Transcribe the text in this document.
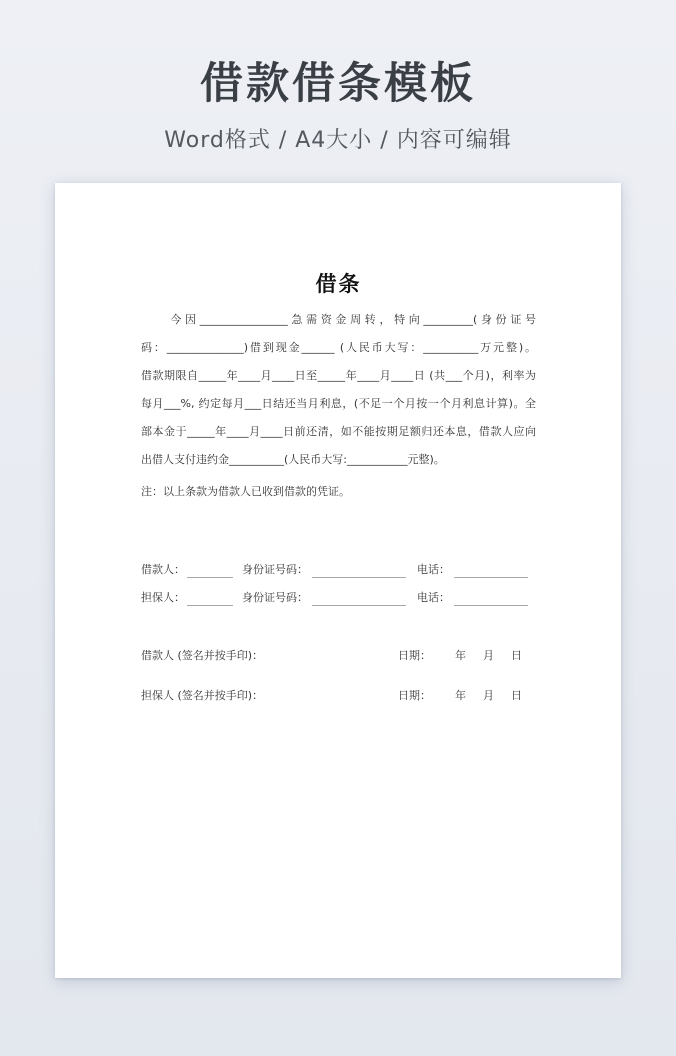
借款借条模板
Word格式 / A4大小 / 内容可编辑
借条
　　今因________________急需资金周转，特向_________(身份证号
码：______________)借到现金______ (人民币大写：__________万元整)。
借款期限自_____年____月____日至_____年____月____日 (共___个月)，利率为
每月___%, 约定每月___日结还当月利息，(不足一个月按一个月利息计算)。全
部本金于_____年____月____日前还清，如不能按期足额归还本息，借款人应向
出借人支付违约金__________(人民币大写:___________元整)。
注：以上条款为借款人已收到借款的凭证。
借款人：	身份证号码：	电话：
担保人：	身份证号码：	电话：
借款人 (签名并按手印)：	日期： 年 月 日
担保人 (签名并按手印)：	日期： 年 月 日
